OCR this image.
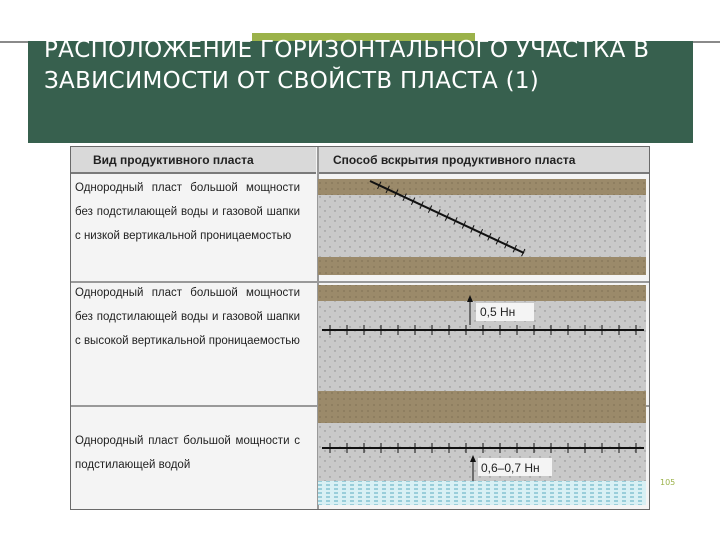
РАСПОЛОЖЕНИЕ ГОРИЗОНТАЛЬНОГО УЧАСТКА В ЗАВИСИМОСТИ ОТ СВОЙСТВ ПЛАСТА (1)
Вид продуктивного пласта	Способ вскрытия продуктивного пласта
Однородный пласт большой мощности без подстилающей воды и газовой шапки с низкой вертикальной проницаемостью
Однородный пласт большой мощности без подстилающей воды и газовой шапки с высокой вертикальной проницаемостью
Однородный пласт большой мощности с подстилающей водой
0,5 Нн
0,6–0,7 Нн
105
